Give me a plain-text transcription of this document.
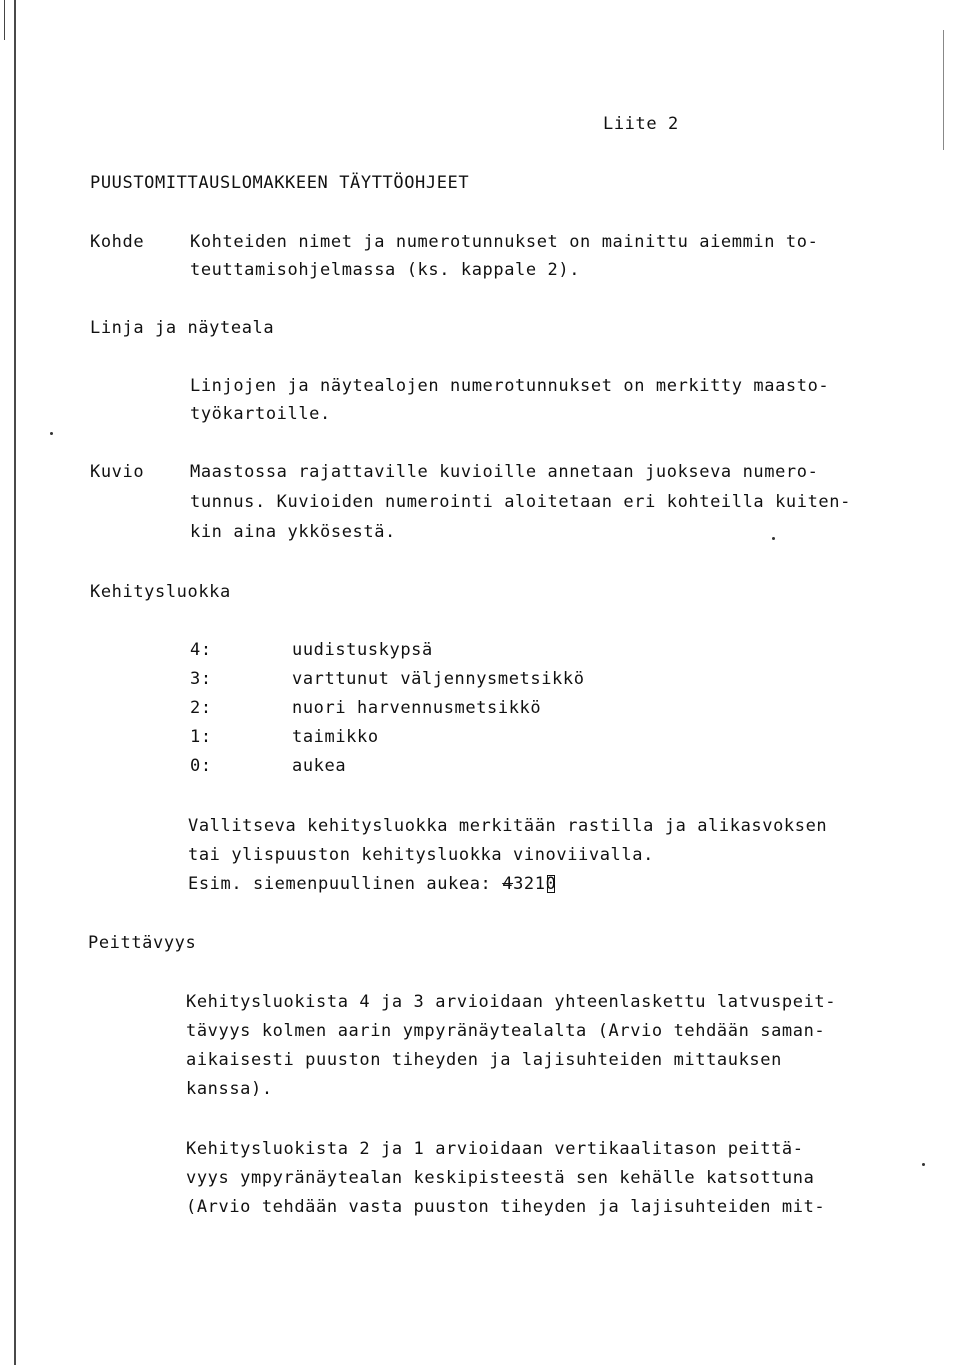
Liite 2
PUUSTOMITTAUSLOMAKKEEN TÄYTTÖOHJEET
Kohde	Kohteiden nimet ja numerotunnukset on mainittu aiemmin to-
teuttamisohjelmassa (ks. kappale 2).
Linja ja näyteala
Linjojen ja näytealojen numerotunnukset on merkitty maasto-
työkartoille.
Kuvio	Maastossa rajattaville kuvioille annetaan juokseva numero-
tunnus. Kuvioiden numerointi aloitetaan eri kohteilla kuiten-
kin aina ykkösestä.
Kehitysluokka
4:	uudistuskypsä
3:	varttunut väljennysmetsikkö
2:	nuori harvennusmetsikkö
1:	taimikko
0:	aukea
Vallitseva kehitysluokka merkitään rastilla ja alikasvoksen
tai ylispuuston kehitysluokka vinoviivalla.
Esim. siemenpuullinen aukea: 43210
Peittävyys
Kehitysluokista 4 ja 3 arvioidaan yhteenlaskettu latvuspeit-
tävyys kolmen aarin ympyränäytealalta (Arvio tehdään saman-
aikaisesti puuston tiheyden ja lajisuhteiden mittauksen
kanssa).
Kehitysluokista 2 ja 1 arvioidaan vertikaalitason peittä-
vyys ympyränäytealan keskipisteestä sen kehälle katsottuna
(Arvio tehdään vasta puuston tiheyden ja lajisuhteiden mit-
